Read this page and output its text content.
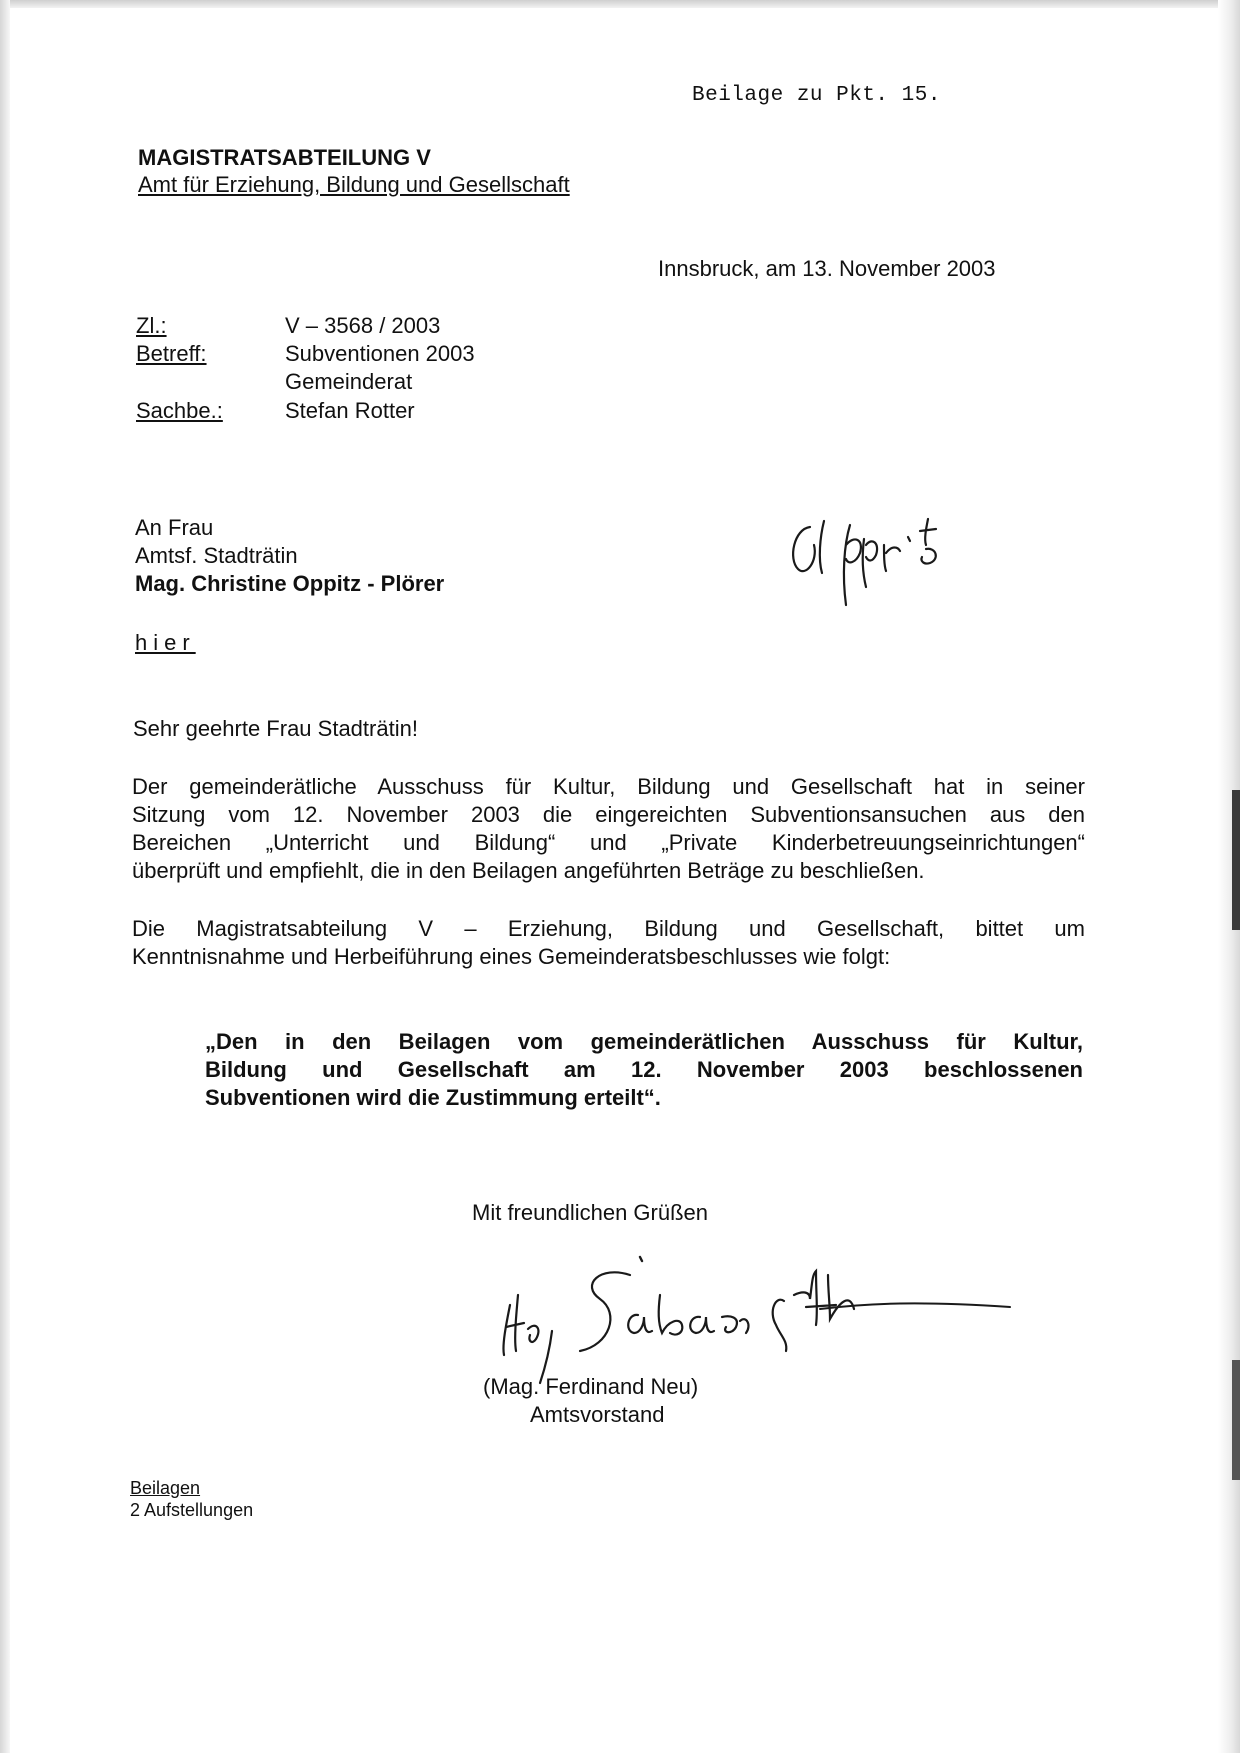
Beilage zu Pkt. 15.
MAGISTRATSABTEILUNG V
Amt für Erziehung, Bildung und Gesellschaft
Innsbruck, am 13. November 2003
Zl.:	V – 3568 / 2003
Betreff:	Subventionen 2003
Gemeinderat
Sachbe.:	Stefan Rotter
An Frau
Amtsf. Stadträtin
Mag. Christine Oppitz - Plörer
hier
Sehr geehrte Frau Stadträtin!
Der gemeinderätliche Ausschuss für Kultur, Bildung und Gesellschaft hat in seiner
Sitzung vom 12. November 2003 die eingereichten Subventionsansuchen aus den
Bereichen „Unterricht und Bildung“ und „Private Kinderbetreuungseinrichtungen“
überprüft und empfiehlt, die in den Beilagen angeführten Beträge zu beschließen.
Die Magistratsabteilung V – Erziehung, Bildung und Gesellschaft, bittet um
Kenntnisnahme und Herbeiführung eines Gemeinderatsbeschlusses wie folgt:
„Den in den Beilagen vom gemeinderätlichen Ausschuss für Kultur,
Bildung und Gesellschaft am 12. November 2003 beschlossenen
Subventionen wird die Zustimmung erteilt“.
Mit freundlichen Grüßen
(Mag. Ferdinand Neu)
Amtsvorstand
Beilagen
2 Aufstellungen
